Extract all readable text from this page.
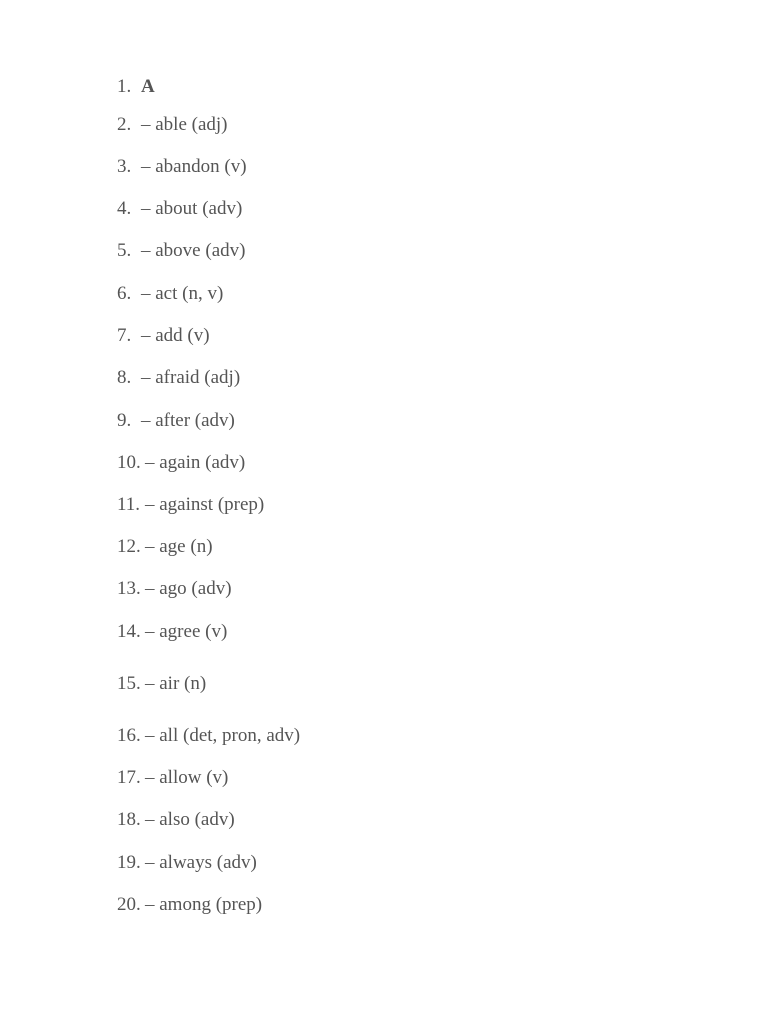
1. A
2. – able (adj)
3. – abandon (v)
4. – about (adv)
5. – above (adv)
6. – act (n, v)
7. – add (v)
8. – afraid (adj)
9. – after (adv)
10. – again (adv)
11. – against (prep)
12. – age (n)
13. – ago (adv)
14. – agree (v)
15. – air (n)
16. – all (det, pron, adv)
17. – allow (v)
18. – also (adv)
19. – always (adv)
20. – among (prep)
